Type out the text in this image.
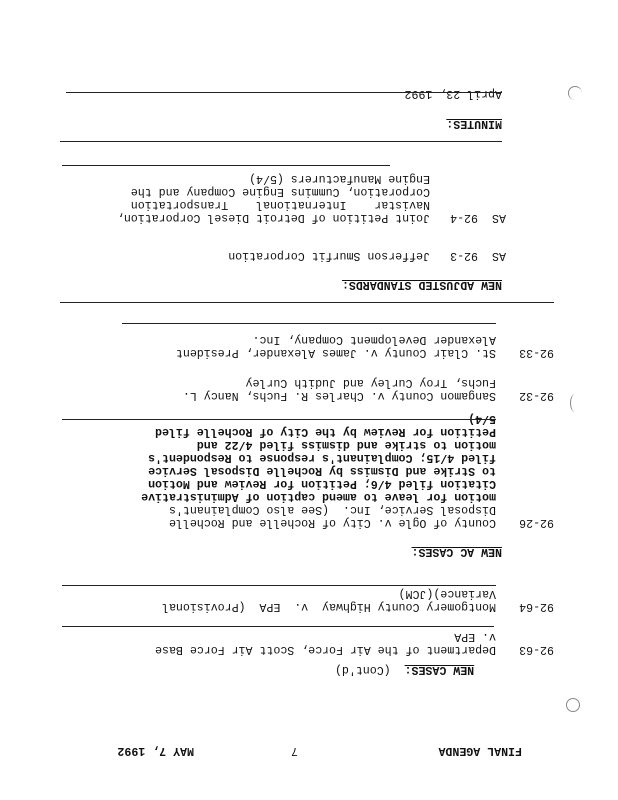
FINAL AGENDA
7
MAY 7, 1992

NEW CASES:  (Cont'd)

92-63
Department of the Air Force, Scott Air Force Base
v. EPA
92-64
Montgomery County Highway  v.  EPA  (Provisional
Variance)(JCM)
NEW AC CASES:
92-26
County of Ogle v. City of Rochelle and Rochelle
Disposal Service, Inc.  (See also Complainant's
motion for leave to amend caption of Administrative
Citation filed 4/6; Petition for Review and Motion
to Strike and Dismiss by Rochelle Disposal Service
filed 4/15; Complainant's response to Respondent's
motion to strike and dismiss filed 4/22 and
Petition for Review by the City of Rochelle filed
5/4)
92-32
Sangamon County v. Charles R. Fuchs, Nancy L.
Fuchs, Troy Curley and Judith Curley
92-33
St. Clair County v. James Alexander, President
Alexander Development Company, Inc.
NEW ADJUSTED STANDARDS:
AS
92-3
Jefferson Smurfit Corporation
AS
92-4
Joint Petition of Detroit Diesel Corporation,
Navistar    International    Transportation
Corporation, Cummins Engine Company and the
Engine Manufacturers (5/4)
MINUTES:
April 23, 1992
